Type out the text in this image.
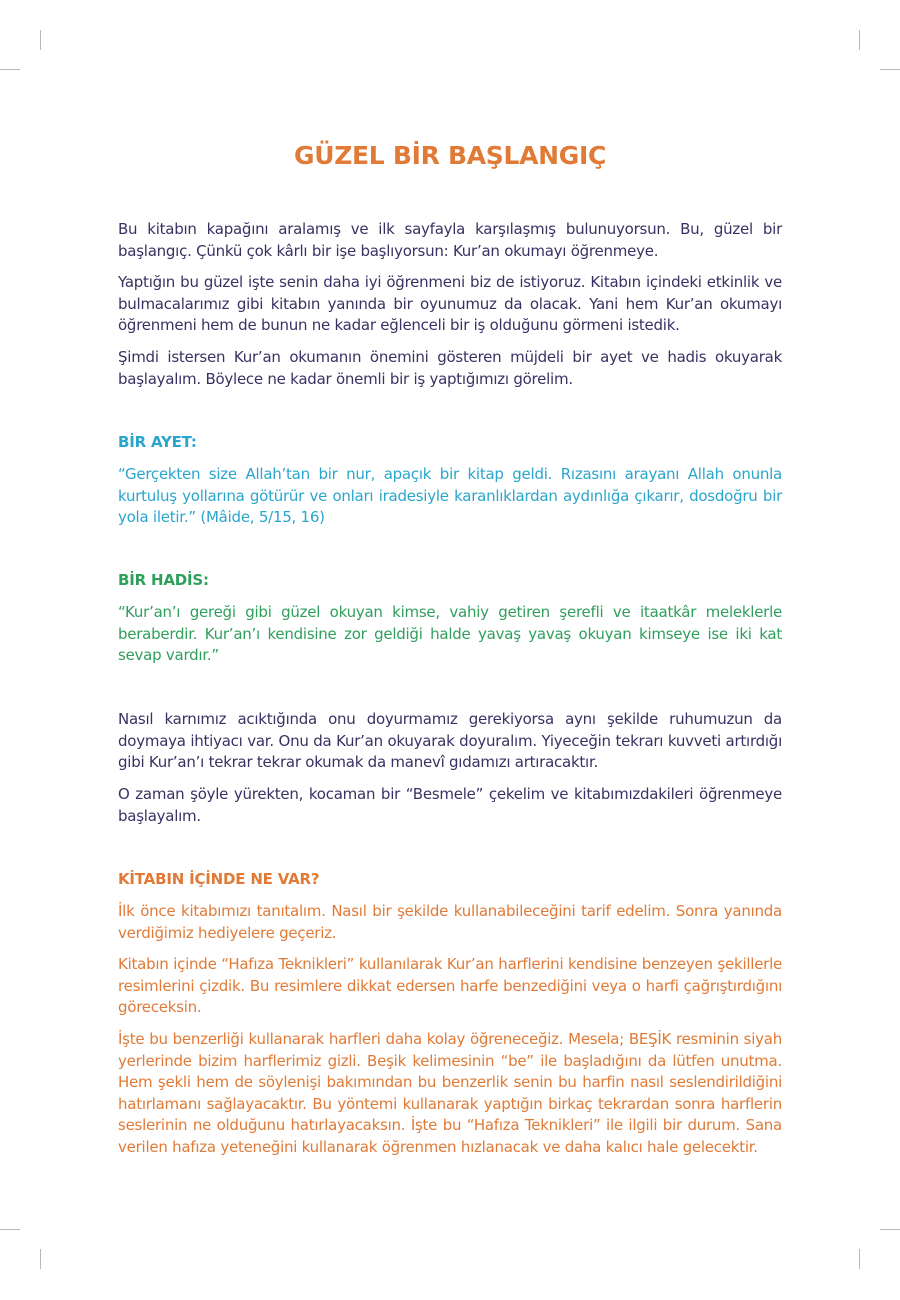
GÜZEL BİR BAŞLANGIÇ

Bu kitabın kapağını aralamış ve ilk sayfayla karşılaşmış bulunuyorsun. Bu, güzel bir başlangıç. Çünkü çok kârlı bir işe başlıyorsun: Kur’an okumayı öğrenmeye.

Yaptığın bu güzel işte senin daha iyi öğrenmeni biz de istiyoruz. Kitabın içindeki etkinlik ve bulmacalarımız gibi kitabın yanında bir oyunumuz da olacak. Yani hem Kur’an okumayı öğrenmeni hem de bunun ne kadar eğlenceli bir iş olduğunu görmeni istedik.

Şimdi istersen Kur’an okumanın önemini gösteren müjdeli bir ayet ve hadis okuyarak başlayalım. Böylece ne kadar önemli bir iş yaptığımızı görelim.

BİR AYET:

“Gerçekten size Allah’tan bir nur, apaçık bir kitap geldi. Rızasını arayanı Allah onunla kurtuluş yollarına götürür ve onları iradesiyle karanlıklardan aydınlığa çıkarır, dosdoğru bir yola iletir.” (Mâide, 5/15, 16)

BİR HADİS:

“Kur’an’ı gereği gibi güzel okuyan kimse, vahiy getiren şerefli ve itaatkâr meleklerle beraberdir. Kur’an’ı kendisine zor geldiği halde yavaş yavaş okuyan kimseye ise iki kat sevap vardır.”

Nasıl karnımız acıktığında onu doyurmamız gerekiyorsa aynı şekilde ruhumuzun da doymaya ihtiyacı var. Onu da Kur’an okuyarak doyuralım. Yiyeceğin tekrarı kuvveti artırdığı gibi Kur’an’ı tekrar tekrar okumak da manevî gıdamızı artıracaktır.

O zaman şöyle yürekten, kocaman bir “Besmele” çekelim ve kitabımızdakileri öğrenmeye başlayalım.

KİTABIN İÇİNDE NE VAR?

İlk önce kitabımızı tanıtalım. Nasıl bir şekilde kullanabileceğini tarif edelim. Sonra yanında verdiğimiz hediyelere geçeriz.

Kitabın içinde “Hafıza Teknikleri” kullanılarak Kur’an harflerini kendisine benzeyen şekillerle resimlerini çizdik. Bu resimlere dikkat edersen harfe benzediğini veya o harfi çağrıştırdığını göreceksin.

İşte bu benzerliği kullanarak harfleri daha kolay öğreneceğiz. Mesela; BEŞİK resminin siyah yerlerinde bizim harflerimiz gizli. Beşik kelimesinin “be” ile başladığını da lütfen unutma. Hem şekli hem de söylenişi bakımından bu benzerlik senin bu harfin nasıl seslendirildiğini hatırlamanı sağlayacaktır. Bu yöntemi kullanarak yaptığın birkaç tekrardan sonra harflerin seslerinin ne olduğunu hatırlayacaksın. İşte bu “Hafıza Teknikleri” ile ilgili bir durum. Sana verilen hafıza yeteneğini kullanarak öğrenmen hızlanacak ve daha kalıcı hale gelecektir.
